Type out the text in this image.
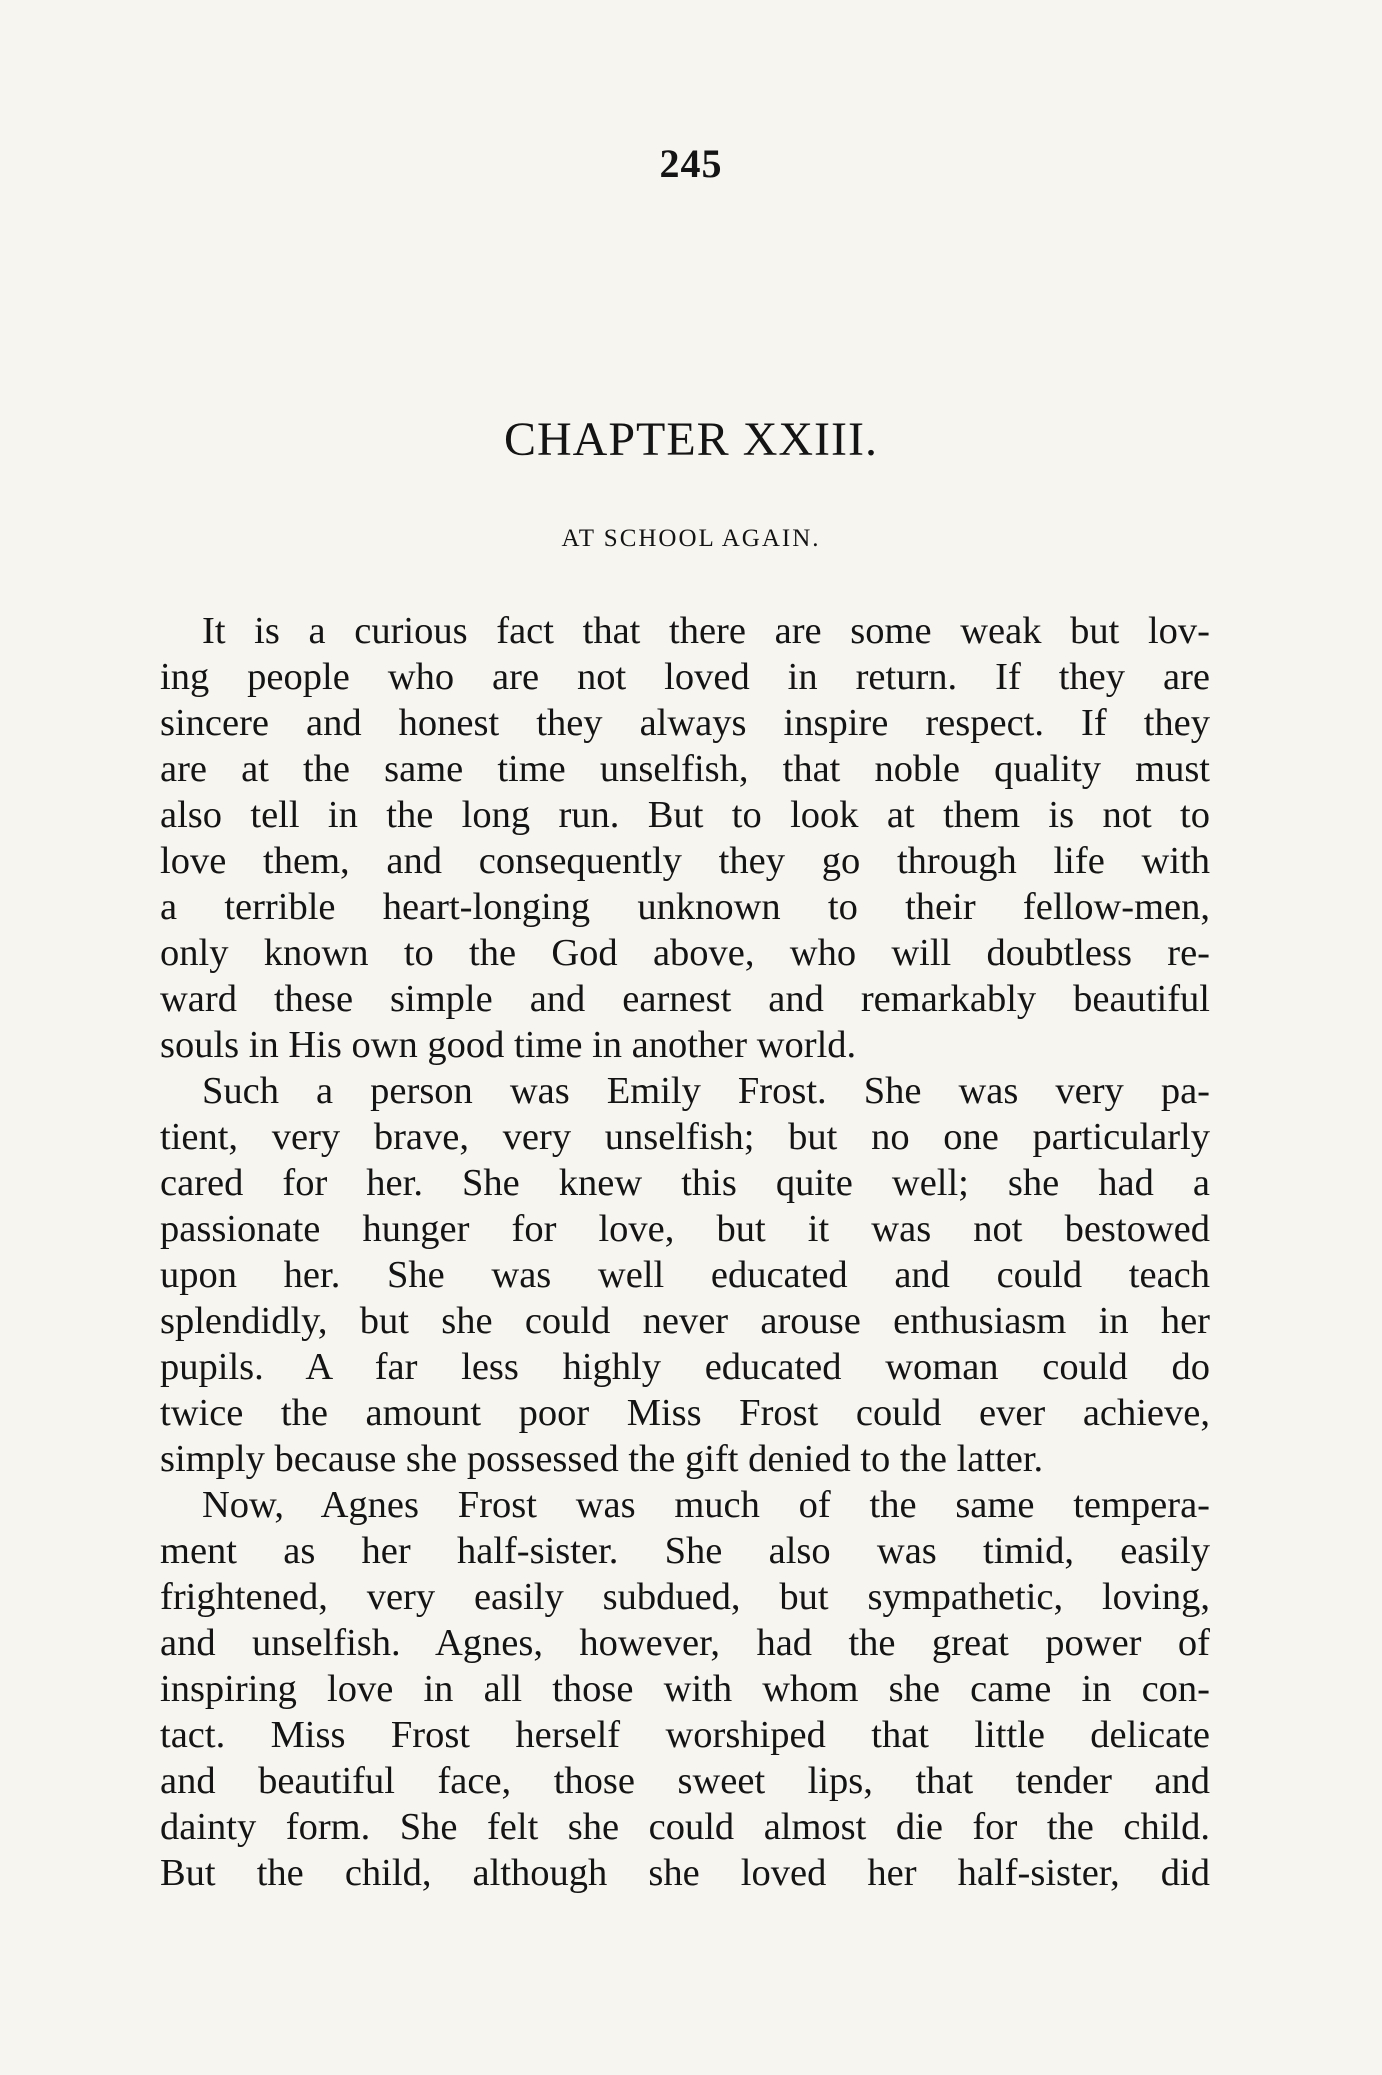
245
CHAPTER XXIII.
AT SCHOOL AGAIN.
It is a curious fact that there are some weak but lov-
ing people who are not loved in return. If they are
sincere and honest they always inspire respect. If they
are at the same time unselfish, that noble quality must
also tell in the long run. But to look at them is not to
love them, and consequently they go through life with
a terrible heart-longing unknown to their fellow-men,
only known to the God above, who will doubtless re-
ward these simple and earnest and remarkably beautiful
souls in His own good time in another world.
Such a person was Emily Frost. She was very pa-
tient, very brave, very unselfish; but no one particularly
cared for her. She knew this quite well; she had a
passionate hunger for love, but it was not bestowed
upon her. She was well educated and could teach
splendidly, but she could never arouse enthusiasm in her
pupils. A far less highly educated woman could do
twice the amount poor Miss Frost could ever achieve,
simply because she possessed the gift denied to the latter.
Now, Agnes Frost was much of the same tempera-
ment as her half-sister. She also was timid, easily
frightened, very easily subdued, but sympathetic, loving,
and unselfish. Agnes, however, had the great power of
inspiring love in all those with whom she came in con-
tact. Miss Frost herself worshiped that little delicate
and beautiful face, those sweet lips, that tender and
dainty form. She felt she could almost die for the child.
But the child, although she loved her half-sister, did
